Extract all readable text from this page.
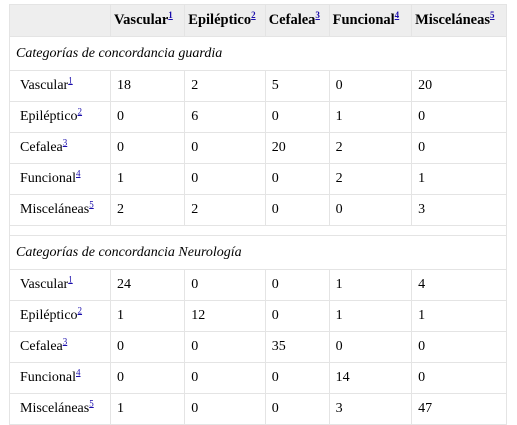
	Vascular$^1$	Epiléptico$^2$	Cefalea$^3$	Funcional$^4$	Misceláneas$^5$
Categorías de concordancia guardia					
Vascular$^1$	18	2	5	0	20
Epiléptico$^2$	0	6	0	1	0
Cefalea$^3$	0	0	20	2	0
Funcional$^4$	1	0	0	2	1
Misceláneas$^5$	2	2	0	0	3

Categorías de concordancia Neurología					
Vascular$^1$	24	0	0	1	4
Epiléptico$^2$	1	12	0	1	1
Cefalea$^3$	0	0	35	0	0
Funcional$^4$	0	0	0	14	0
Misceláneas$^5$	1	0	0	3	47
